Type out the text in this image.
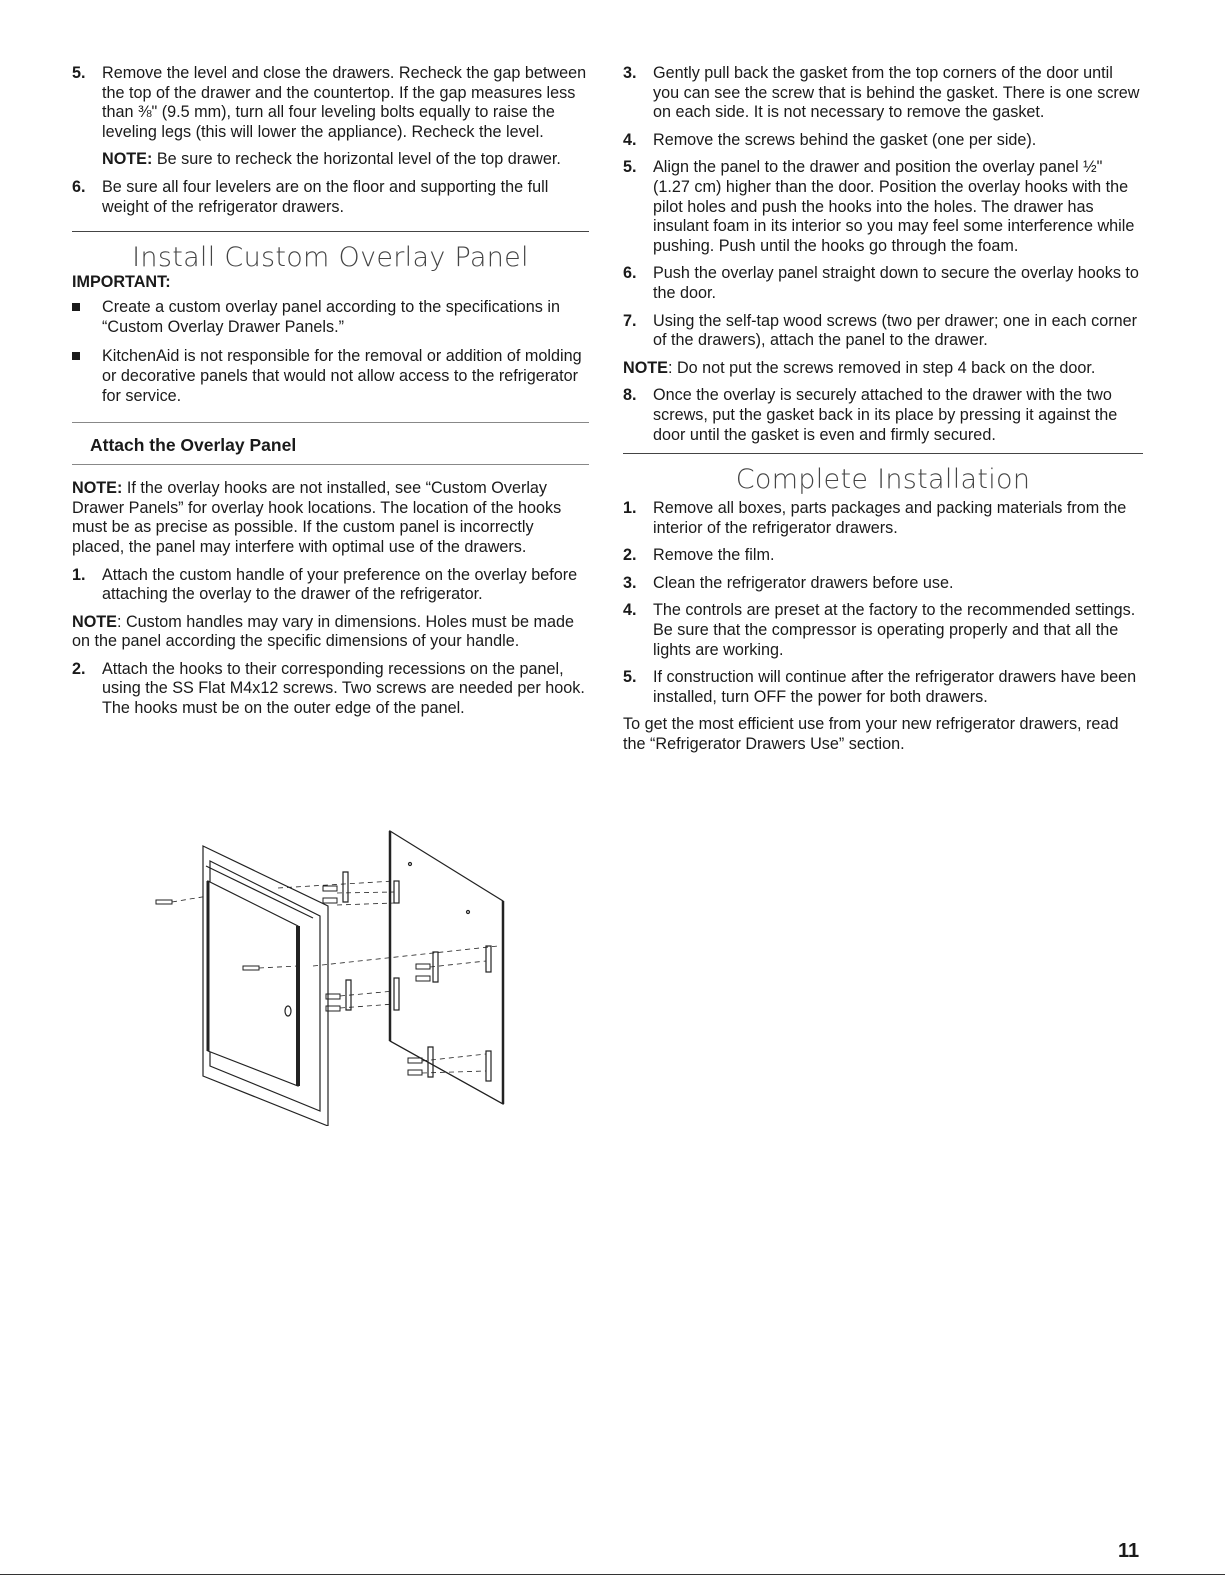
5. Remove the level and close the drawers. Recheck the gap between the top of the drawer and the countertop. If the gap measures less than ⅜" (9.5 mm), turn all four leveling bolts equally to raise the leveling legs (this will lower the appliance). Recheck the level.

NOTE: Be sure to recheck the horizontal level of the top drawer.

6. Be sure all four levelers are on the floor and supporting the full weight of the refrigerator drawers.
Install Custom Overlay Panel

IMPORTANT:

Create a custom overlay panel according to the specifications in “Custom Overlay Drawer Panels.”
KitchenAid is not responsible for the removal or addition of molding or decorative panels that would not allow access to the refrigerator for service.
Attach the Overlay Panel

NOTE: If the overlay hooks are not installed, see “Custom Overlay Drawer Panels” for overlay hook locations. The location of the hooks must be as precise as possible. If the custom panel is incorrectly placed, the panel may interfere with optimal use of the drawers.

1. Attach the custom handle of your preference on the overlay before attaching the overlay to the drawer of the refrigerator.

NOTE: Custom handles may vary in dimensions. Holes must be made on the panel according the specific dimensions of your handle.

2. Attach the hooks to their corresponding recessions on the panel, using the SS Flat M4x12 screws. Two screws are needed per hook. The hooks must be on the outer edge of the panel.
3. Gently pull back the gasket from the top corners of the door until you can see the screw that is behind the gasket. There is one screw on each side. It is not necessary to remove the gasket.
4. Remove the screws behind the gasket (one per side).
5. Align the panel to the drawer and position the overlay panel ½" (1.27 cm) higher than the door. Position the overlay hooks with the pilot holes and push the hooks into the holes. The drawer has insulant foam in its interior so you may feel some interference while pushing. Push until the hooks go through the foam.
6. Push the overlay panel straight down to secure the overlay hooks to the door.
7. Using the self-tap wood screws (two per drawer; one in each corner of the drawers), attach the panel to the drawer.

NOTE: Do not put the screws removed in step 4 back on the door.

8. Once the overlay is securely attached to the drawer with the two screws, put the gasket back in its place by pressing it against the door until the gasket is even and firmly secured.
Complete Installation
1. Remove all boxes, parts packages and packing materials from the interior of the refrigerator drawers.
2. Remove the film.
3. Clean the refrigerator drawers before use.
4. The controls are preset at the factory to the recommended settings. Be sure that the compressor is operating properly and that all the lights are working.
5. If construction will continue after the refrigerator drawers have been installed, turn OFF the power for both drawers.

To get the most efficient use from your new refrigerator drawers, read the “Refrigerator Drawers Use” section.

11
